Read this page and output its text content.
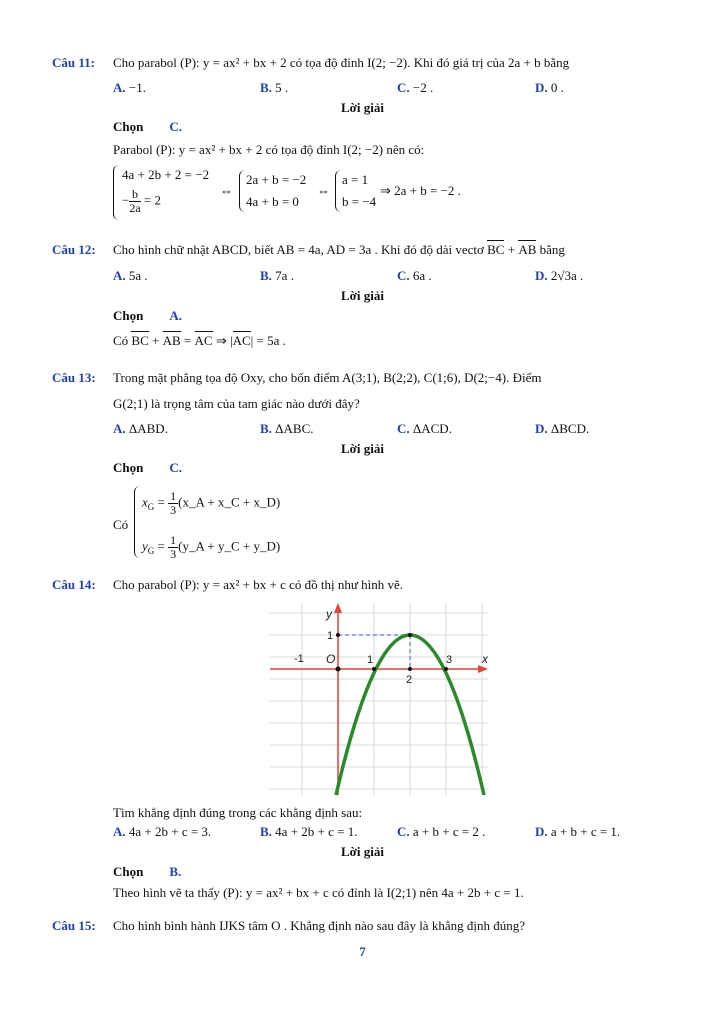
Câu 11: Cho parabol (P): y = ax² + bx + 2 có tọa độ đỉnh I(2; −2). Khi đó giá trị của 2a + b bằng
A. −1.	B. 5 .	C. −2 .	D. 0 .
Lời giải
Chọn C.
Parabol (P): y = ax² + bx + 2 có tọa độ đỉnh I(2; −2) nên có:
4a + 2b + 2 = −2
− $\frac{b}{2a} = 2$
⇔
2a + b = −2
4a + b = 0
⇔
a = 1
b = −4
⇒ 2a + b = −2 .
Câu 12: Cho hình chữ nhật ABCD, biết AB = 4a, AD = 3a . Khi đó độ dài vectơ BC + AB bằng
A. 5a .	B. 7a .	C. 6a .	D. 2√3a .
Lời giải
Chọn A.
Có BC + AB = AC ⇒ |AC| = 5a .
Câu 13: Trong mặt phẳng tọa độ Oxy, cho bốn điểm A(3;1), B(2;2), C(1;6), D(2;−4). Điểm
G(2;1) là trọng tâm của tam giác nào dưới đây?
A. ΔABD.	B. ΔABC.	C. ΔACD.	D. ΔBCD.
Lời giải
Chọn C.
Có
$x_G = \frac{1}{3}$ (x_A + x_C + x_D)
$y_G = \frac{1}{3}$ (y_A + y_C + y_D)
Câu 14: Cho parabol (P): y = ax² + bx + c có đồ thị như hình vẽ.
y
x
O
-1	1
2
3
1
Tìm khẳng định đúng trong các khẳng định sau:
A. 4a + 2b + c = 3.	B. 4a + 2b + c = 1.	C. a + b + c = 2 .	D. a + b + c = 1.
Lời giải
Chọn B.
Theo hình vẽ ta thấy (P): y = ax² + bx + c có đỉnh là I(2;1) nên 4a + 2b + c = 1.
Câu 15: Cho hình bình hành IJKS tâm O . Khẳng định nào sau đây là khẳng định đúng?
7
